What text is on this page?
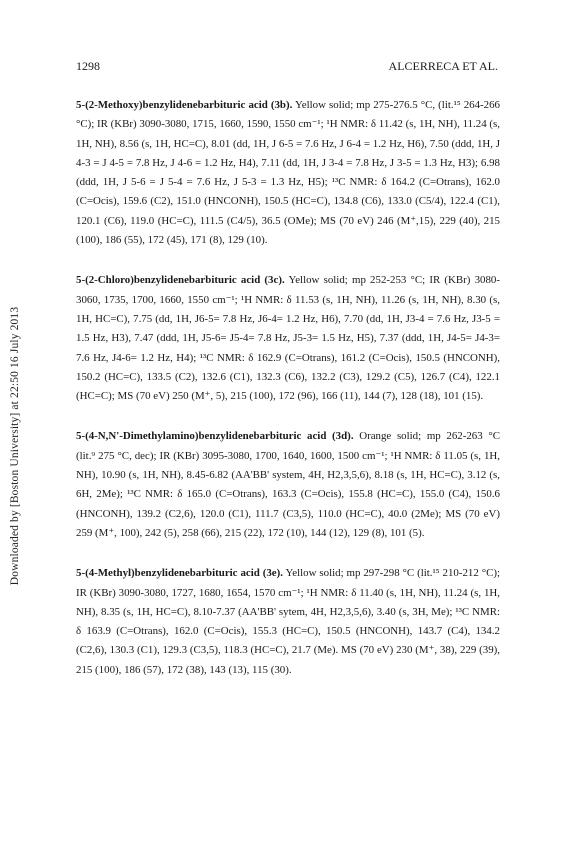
Downloaded by [Boston University] at 22:50 16 July 2013
1298	ALCERRECA ET AL.

5-(2-Methoxy)benzylidenebarbituric acid (3b). Yellow solid; mp 275-276.5 °C, (lit.¹⁵ 264-266 °C); IR (KBr) 3090-3080, 1715, 1660, 1590, 1550 cm⁻¹; ¹H NMR: δ 11.42 (s, 1H, NH), 11.24 (s, 1H, NH), 8.56 (s, 1H, HC=C), 8.01 (dd, 1H, J 6-5 = 7.6 Hz, J 6-4 = 1.2 Hz, H6), 7.50 (ddd, 1H, J 4-3 = J 4-5 = 7.8 Hz, J 4-6 = 1.2 Hz, H4), 7.11 (dd, 1H, J 3-4 = 7.8 Hz, J 3-5 = 1.3 Hz, H3); 6.98 (ddd, 1H, J 5-6 = J 5-4 = 7.6 Hz, J 5-3 = 1.3 Hz, H5); ¹³C NMR: δ 164.2 (C=Otrans), 162.0 (C=Ocis), 159.6 (C2), 151.0 (HNCONH), 150.5 (HC=C), 134.8 (C6), 133.0 (C5/4), 122.4 (C1), 120.1 (C6), 119.0 (HC=C), 111.5 (C4/5), 36.5 (OMe); MS (70 eV) 246 (M⁺,15), 229 (40), 215 (100), 186 (55), 172 (45), 171 (8), 129 (10).

5-(2-Chloro)benzylidenebarbituric acid (3c). Yellow solid; mp 252-253 °C; IR (KBr) 3080-3060, 1735, 1700, 1660, 1550 cm⁻¹; ¹H NMR: δ 11.53 (s, 1H, NH), 11.26 (s, 1H, NH), 8.30 (s, 1H, HC=C), 7.75 (dd, 1H, J6-5= 7.8 Hz, J6-4= 1.2 Hz, H6), 7.70 (dd, 1H, J3-4 = 7.6 Hz, J3-5 = 1.5 Hz, H3), 7.47 (ddd, 1H, J5-6= J5-4= 7.8 Hz, J5-3= 1.5 Hz, H5), 7.37 (ddd, 1H, J4-5= J4-3= 7.6 Hz, J4-6= 1.2 Hz, H4); ¹³C NMR: δ 162.9 (C=Otrans), 161.2 (C=Ocis), 150.5 (HNCONH), 150.2 (HC=C), 133.5 (C2), 132.6 (C1), 132.3 (C6), 132.2 (C3), 129.2 (C5), 126.7 (C4), 122.1 (HC=C); MS (70 eV) 250 (M⁺, 5), 215 (100), 172 (96), 166 (11), 144 (7), 128 (18), 101 (15).

5-(4-N,N'-Dimethylamino)benzylidenebarbituric acid (3d). Orange solid; mp 262-263 °C (lit.⁹ 275 °C, dec); IR (KBr) 3095-3080, 1700, 1640, 1600, 1500 cm⁻¹; ¹H NMR: δ 11.05 (s, 1H, NH), 10.90 (s, 1H, NH), 8.45-6.82 (AA'BB' system, 4H, H2,3,5,6), 8.18 (s, 1H, HC=C), 3.12 (s, 6H, 2Me); ¹³C NMR: δ 165.0 (C=Otrans), 163.3 (C=Ocis), 155.8 (HC=C), 155.0 (C4), 150.6 (HNCONH), 139.2 (C2,6), 120.0 (C1), 111.7 (C3,5), 110.0 (HC=C), 40.0 (2Me); MS (70 eV) 259 (M⁺, 100), 242 (5), 258 (66), 215 (22), 172 (10), 144 (12), 129 (8), 101 (5).

5-(4-Methyl)benzylidenebarbituric acid (3e). Yellow solid; mp 297-298 °C (lit.¹⁵ 210-212 °C); IR (KBr) 3090-3080, 1727, 1680, 1654, 1570 cm⁻¹; ¹H NMR: δ 11.40 (s, 1H, NH), 11.24 (s, 1H, NH), 8.35 (s, 1H, HC=C), 8.10-7.37 (AA'BB' sytem, 4H, H2,3,5,6), 3.40 (s, 3H, Me); ¹³C NMR: δ 163.9 (C=Otrans), 162.0 (C=Ocis), 155.3 (HC=C), 150.5 (HNCONH), 143.7 (C4), 134.2 (C2,6), 130.3 (C1), 129.3 (C3,5), 118.3 (HC=C), 21.7 (Me). MS (70 eV) 230 (M⁺, 38), 229 (39), 215 (100), 186 (57), 172 (38), 143 (13), 115 (30).
